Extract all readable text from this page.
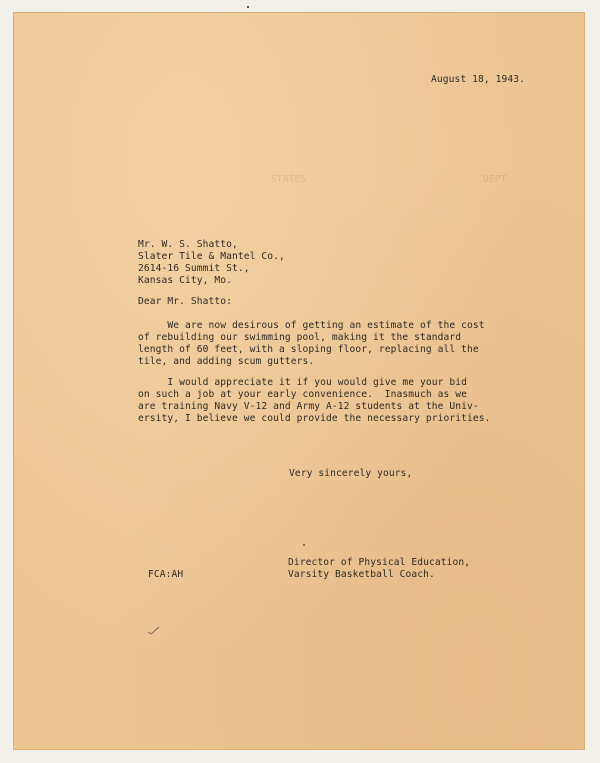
August 18, 1943.
STATES	DEPT.
Mr. W. S. Shatto,
Slater Tile & Mantel Co.,
2614-16 Summit St.,
Kansas City, Mo.
Dear Mr. Shatto:
We are now desirous of getting an estimate of the cost
of rebuilding our swimming pool, making it the standard
length of 60 feet, with a sloping floor, replacing all the
tile, and adding scum gutters.
I would appreciate it if you would give me your bid
on such a job at your early convenience.  Inasmuch as we
are training Navy V-12 and Army A-12 students at the Univ-
ersity, I believe we could provide the necessary priorities.
Very sincerely yours,
Director of Physical Education,
Varsity Basketball Coach.
FCA:AH
